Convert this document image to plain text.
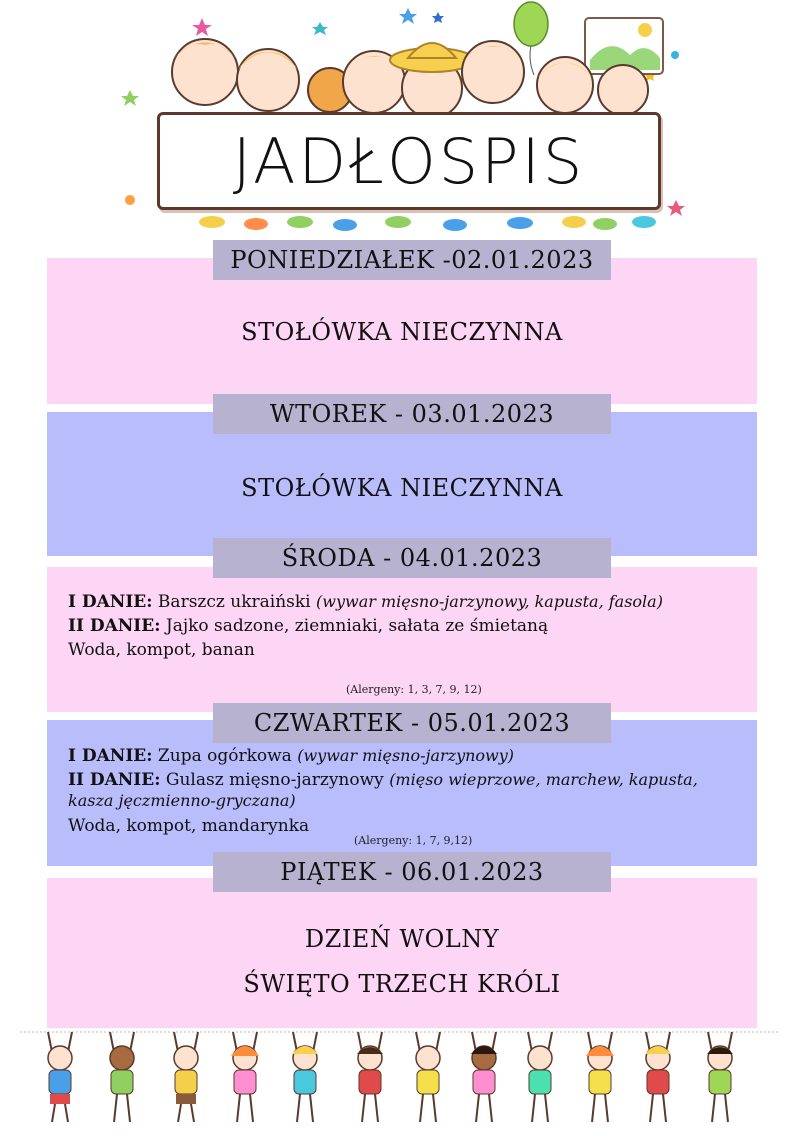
JADŁOSPIS
PONIEDZIAŁEK -02.01.2023
STOŁÓWKA NIECZYNNA
WTOREK - 03.01.2023
STOŁÓWKA NIECZYNNA
ŚRODA - 04.01.2023
I DANIE: Barszcz ukraiński (wywar mięsno-jarzynowy, kapusta, fasola)
II DANIE: Jajko sadzone, ziemniaki, sałata ze śmietaną
Woda, kompot, banan
(Alergeny: 1, 3, 7, 9, 12)
CZWARTEK - 05.01.2023
I DANIE: Zupa ogórkowa (wywar mięsno-jarzynowy)
II DANIE: Gulasz mięsno-jarzynowy (mięso wieprzowe, marchew, kapusta,
kasza jęczmienno-gryczana)
Woda, kompot, mandarynka
(Alergeny: 1, 7, 9,12)
PIĄTEK - 06.01.2023
DZIEŃ WOLNY
ŚWIĘTO TRZECH KRÓLI
